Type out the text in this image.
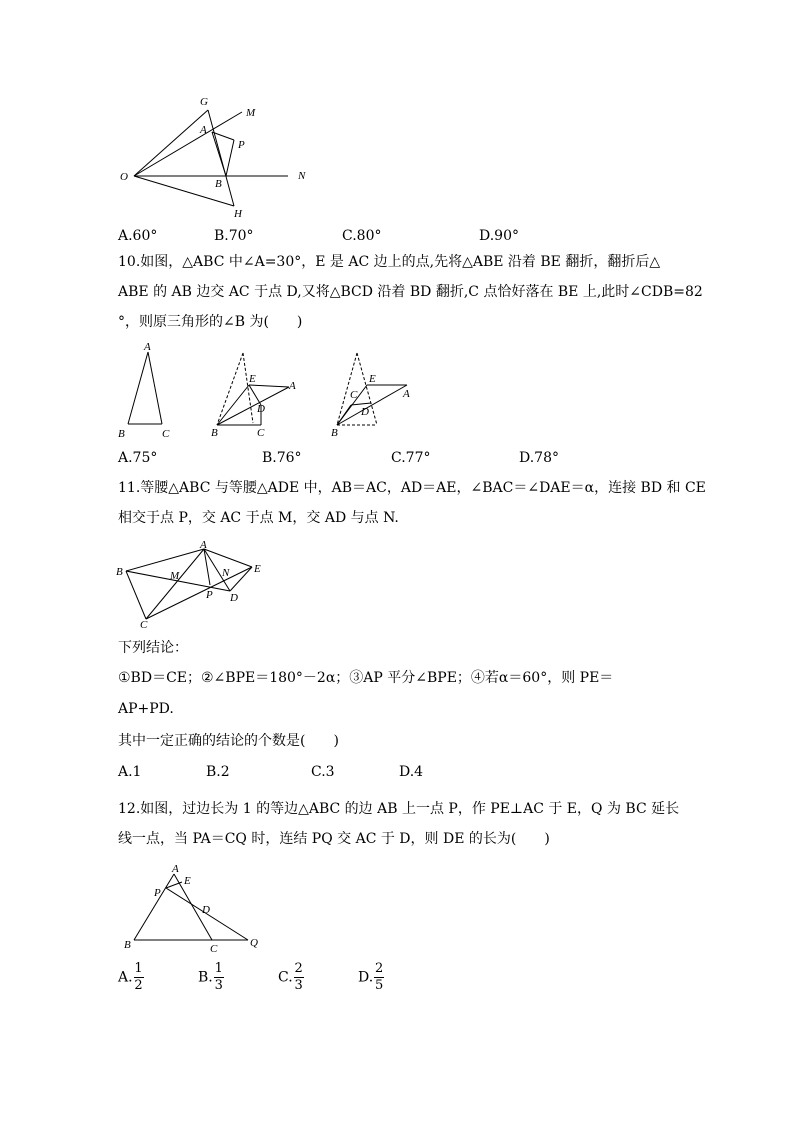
G
M
A
P
O	N
B
H
A.60°	B.70°	C.80°	D.90°
10.如图，△ABC 中∠A=30°，E 是 AC 边上的点,先将△ABE 沿着 BE 翻折，翻折后△
ABE 的 AB 边交 AC 于点 D,又将△BCD 沿着 BD 翻折,C 点恰好落在 BE 上,此时∠CDB=82
°，则原三角形的∠B 为(　　)
A
B	C
E
A
D
B	C
E
A
C
D
B
A.75°	B.76°	C.77°	D.78°
11.等腰△ABC 与等腰△ADE 中，AB＝AC，AD＝AE，∠BAC＝∠DAE＝α，连接 BD 和 CE
相交于点 P，交 AC 于点 M，交 AD 与点 N.
A
B	M	N E
P D
C
下列结论：
①BD＝CE；②∠BPE＝180°－2α；③AP 平分∠BPE；④若α＝60°，则 PE＝
AP+PD.
其中一定正确的结论的个数是(　　)
A.1	B.2	C.3	D.4
12.如图，过边长为 1 的等边△ABC 的边 AB 上一点 P，作 PE⊥AC 于 E，Q 为 BC 延长
线一点，当 PA＝CQ 时，连结 PQ 交 AC 于 D，则 DE 的长为(　　)
A
E
P
D
B	C	Q
A. $\frac{1}{2}$	B. $\frac{1}{3}$	C. $\frac{2}{3}$	D. $\frac{2}{5}$
